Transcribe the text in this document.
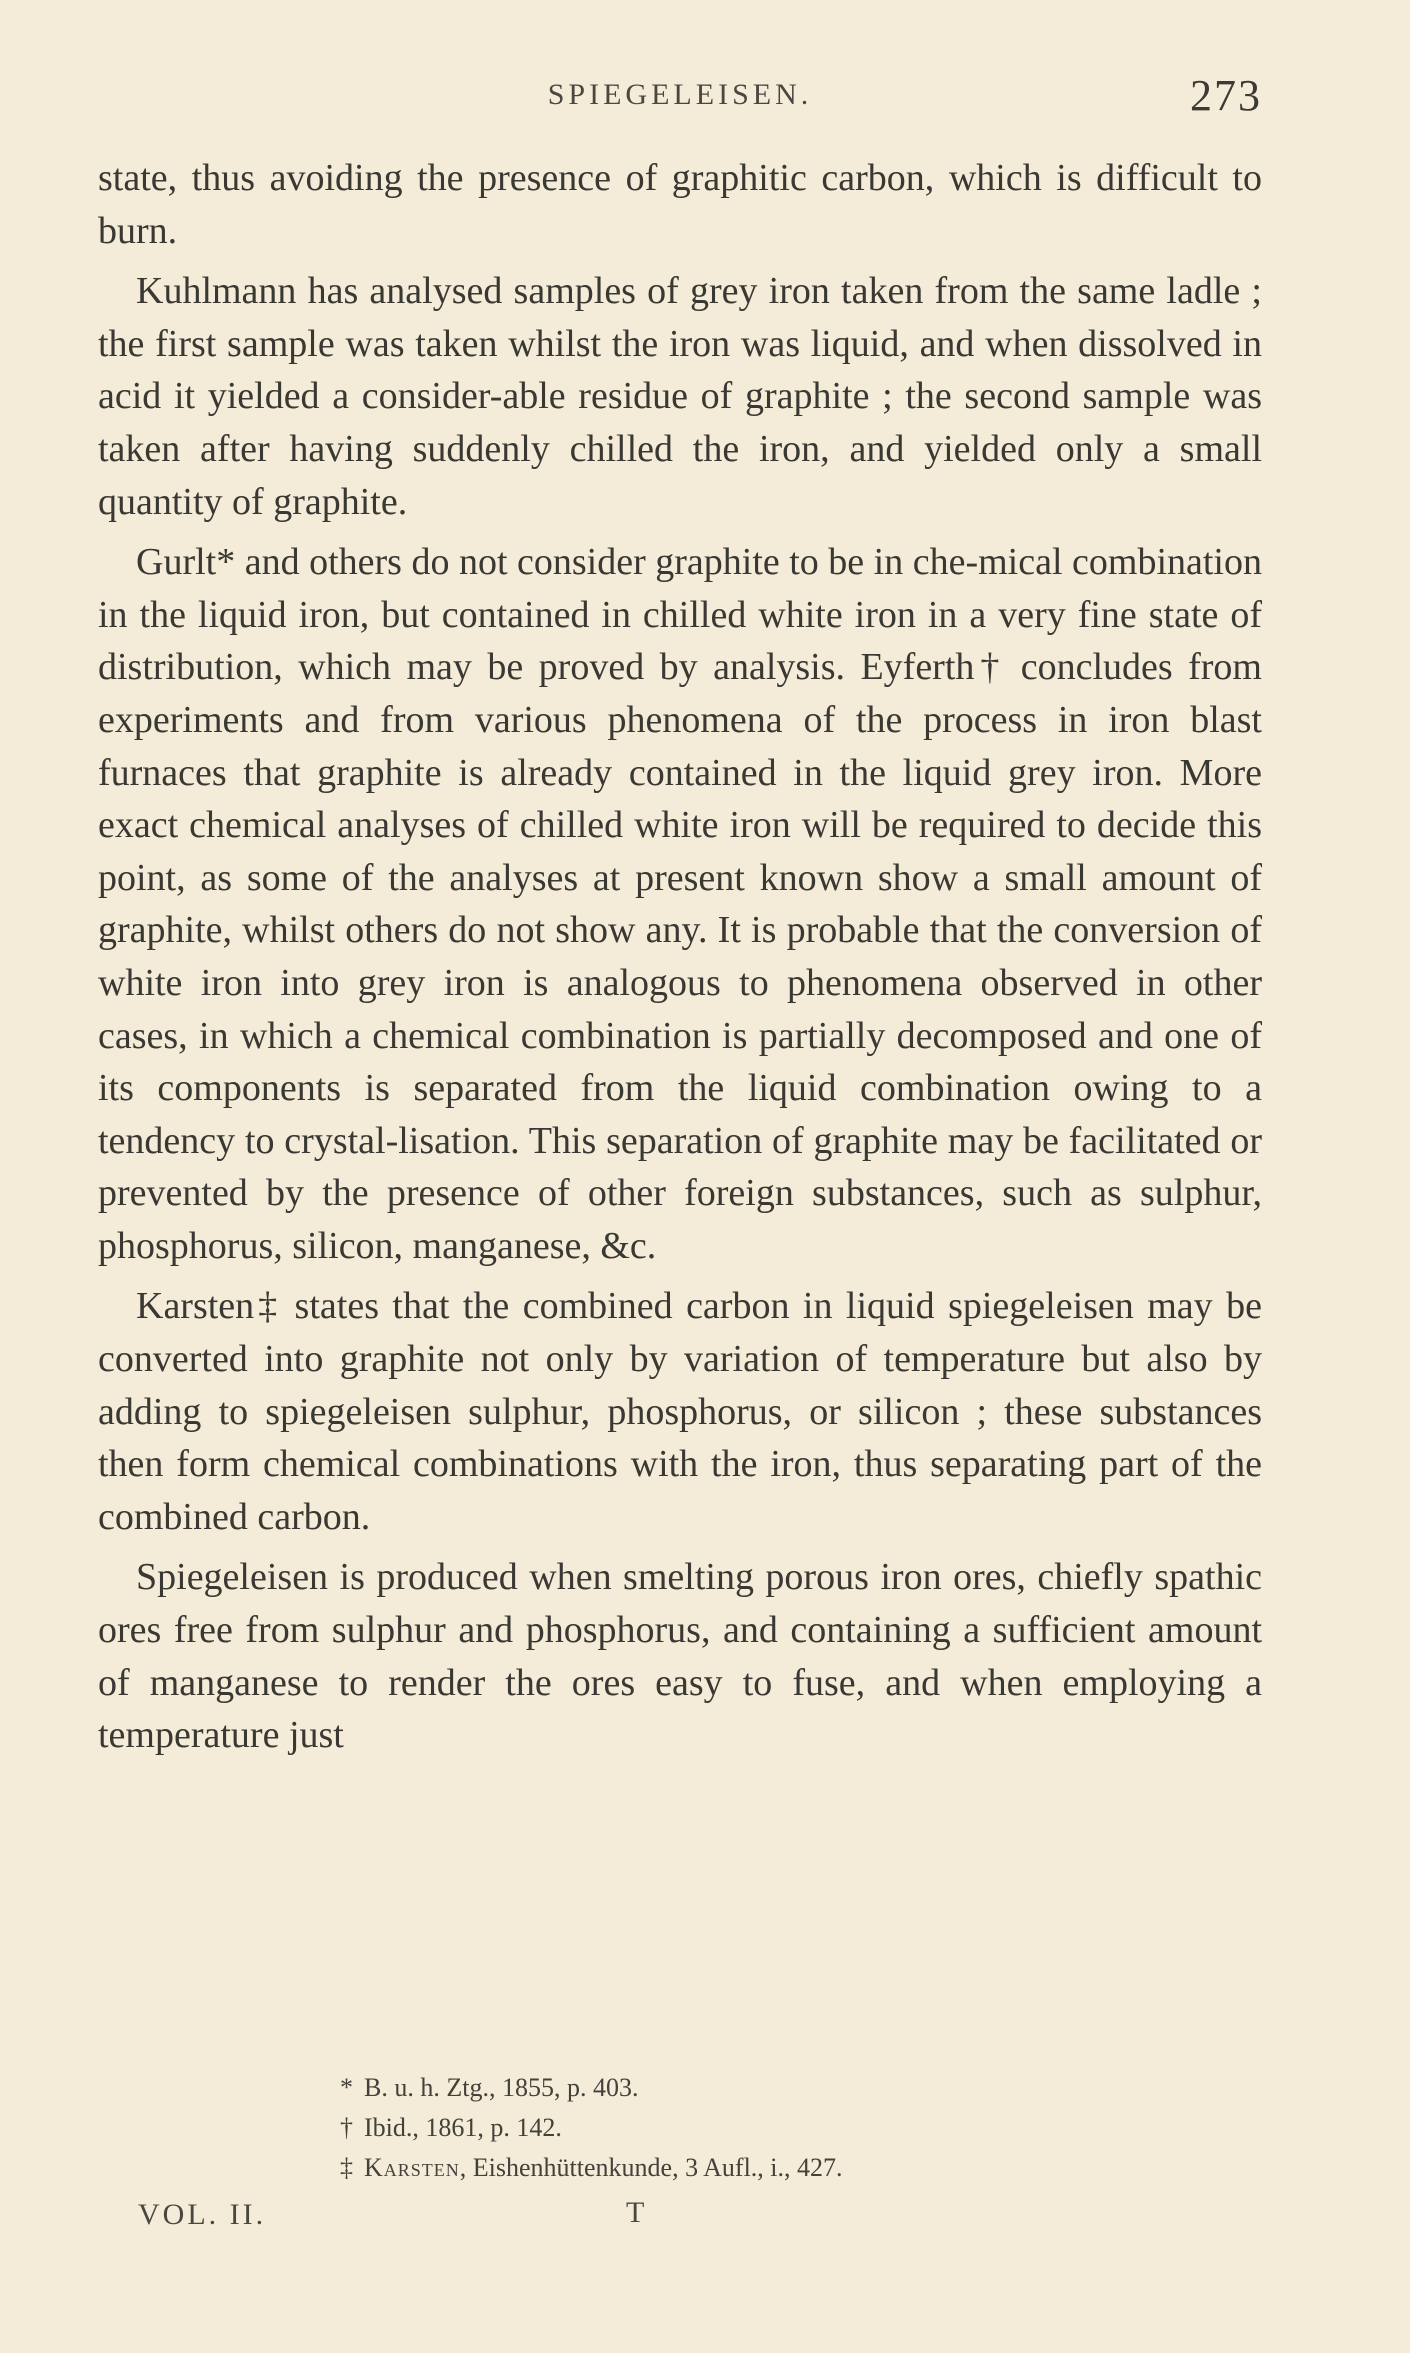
SPIEGELEISEN.	273

state, thus avoiding the presence of graphitic carbon, which is difficult to burn.

Kuhlmann has analysed samples of grey iron taken from the same ladle ; the first sample was taken whilst the iron was liquid, and when dissolved in acid it yielded a consider-able residue of graphite ; the second sample was taken after having suddenly chilled the iron, and yielded only a small quantity of graphite.

Gurlt* and others do not consider graphite to be in che-mical combination in the liquid iron, but contained in chilled white iron in a very fine state of distribution, which may be proved by analysis. Eyferth† concludes from experiments and from various phenomena of the process in iron blast furnaces that graphite is already contained in the liquid grey iron. More exact chemical analyses of chilled white iron will be required to decide this point, as some of the analyses at present known show a small amount of graphite, whilst others do not show any. It is probable that the conversion of white iron into grey iron is analogous to phenomena observed in other cases, in which a chemical combination is partially decomposed and one of its components is separated from the liquid combination owing to a tendency to crystal-lisation. This separation of graphite may be facilitated or prevented by the presence of other foreign substances, such as sulphur, phosphorus, silicon, manganese, &c.

Karsten‡ states that the combined carbon in liquid spiegeleisen may be converted into graphite not only by variation of temperature but also by adding to spiegeleisen sulphur, phosphorus, or silicon ; these substances then form chemical combinations with the iron, thus separating part of the combined carbon.

Spiegeleisen is produced when smelting porous iron ores, chiefly spathic ores free from sulphur and phosphorus, and containing a sufficient amount of manganese to render the ores easy to fuse, and when employing a temperature just

* B. u. h. Ztg., 1855, p. 403.
† Ibid., 1861, p. 142.
‡ Karsten, Eishenhüttenkunde, 3 Aufl., i., 427.
VOL. II.	T
